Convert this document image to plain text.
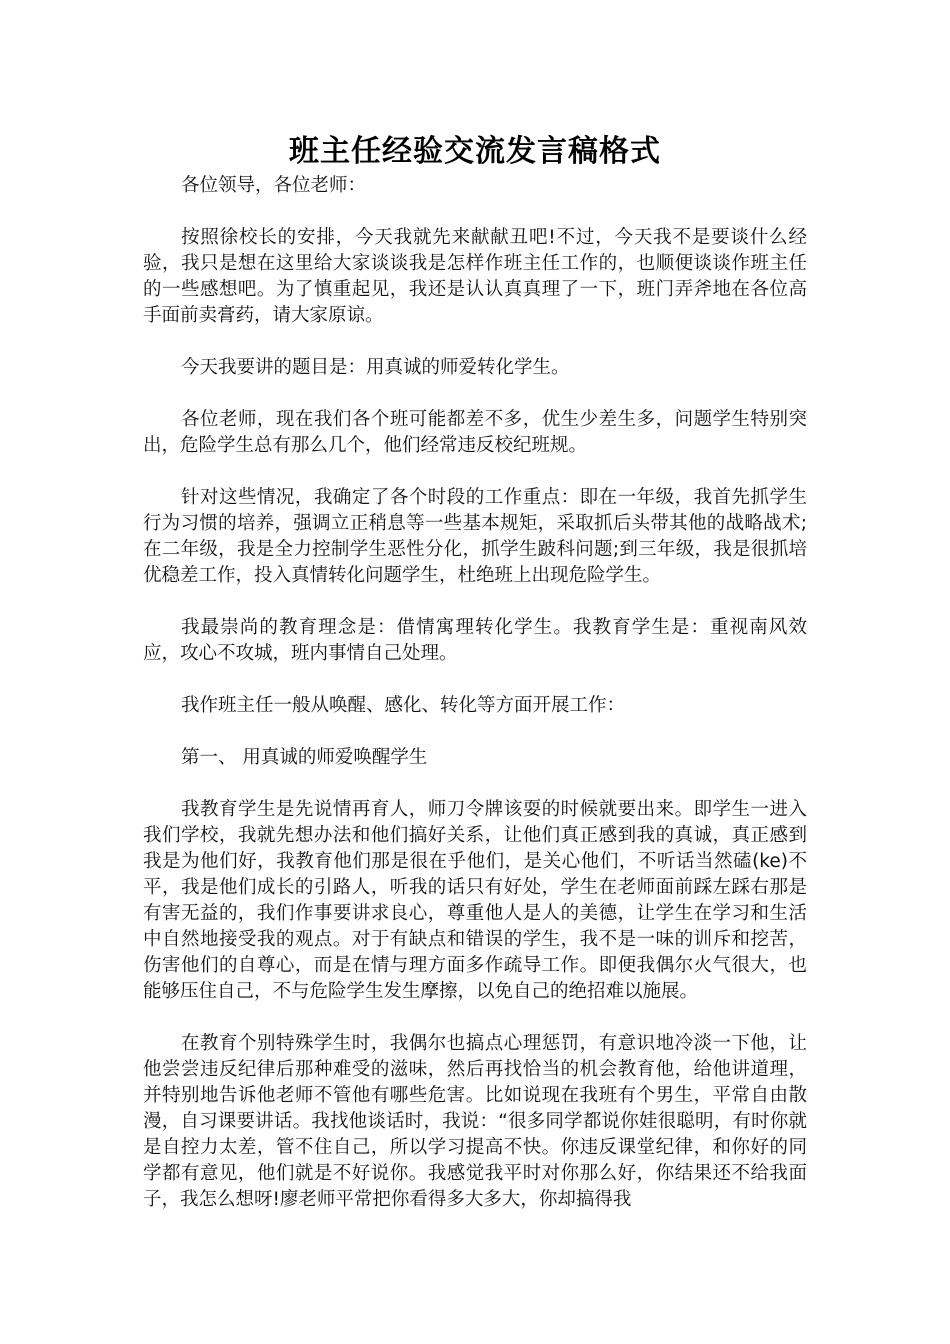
班主任经验交流发言稿格式

各位领导，各位老师：

按照徐校长的安排，今天我就先来献献丑吧!不过，今天我不是要谈什么经验，我只是想在这里给大家谈谈我是怎样作班主任工作的，也顺便谈谈作班主任的一些感想吧。为了慎重起见，我还是认认真真理了一下，班门弄斧地在各位高手面前卖膏药，请大家原谅。

今天我要讲的题目是：用真诚的师爱转化学生。

各位老师，现在我们各个班可能都差不多，优生少差生多，问题学生特别突出，危险学生总有那么几个，他们经常违反校纪班规。

针对这些情况，我确定了各个时段的工作重点：即在一年级，我首先抓学生行为习惯的培养，强调立正稍息等一些基本规矩，采取抓后头带其他的战略战术;在二年级，我是全力控制学生恶性分化，抓学生跛科问题;到三年级，我是很抓培优稳差工作，投入真情转化问题学生，杜绝班上出现危险学生。

我最崇尚的教育理念是：借情寓理转化学生。我教育学生是：重视南风效应，攻心不攻城，班内事情自己处理。

我作班主任一般从唤醒、感化、转化等方面开展工作：

第一、 用真诚的师爱唤醒学生

我教育学生是先说情再育人，师刀令牌该耍的时候就要出来。即学生一进入我们学校，我就先想办法和他们搞好关系，让他们真正感到我的真诚，真正感到我是为他们好，我教育他们那是很在乎他们，是关心他们，不听话当然磕(ke)不平，我是他们成长的引路人，听我的话只有好处，学生在老师面前踩左踩右那是有害无益的，我们作事要讲求良心，尊重他人是人的美德，让学生在学习和生活中自然地接受我的观点。对于有缺点和错误的学生，我不是一味的训斥和挖苦，伤害他们的自尊心，而是在情与理方面多作疏导工作。即便我偶尔火气很大，也能够压住自己，不与危险学生发生摩擦，以免自己的绝招难以施展。

在教育个别特殊学生时，我偶尔也搞点心理惩罚，有意识地冷淡一下他，让他尝尝违反纪律后那种难受的滋味，然后再找恰当的机会教育他，给他讲道理，并特别地告诉他老师不管他有哪些危害。比如说现在我班有个男生，平常自由散漫，自习课要讲话。我找他谈话时，我说：“很多同学都说你娃很聪明，有时你就是自控力太差，管不住自己，所以学习提高不快。你违反课堂纪律，和你好的同学都有意见，他们就是不好说你。我感觉我平时对你那么好，你结果还不给我面子，我怎么想呀!廖老师平常把你看得多大多大，你却搞得我
